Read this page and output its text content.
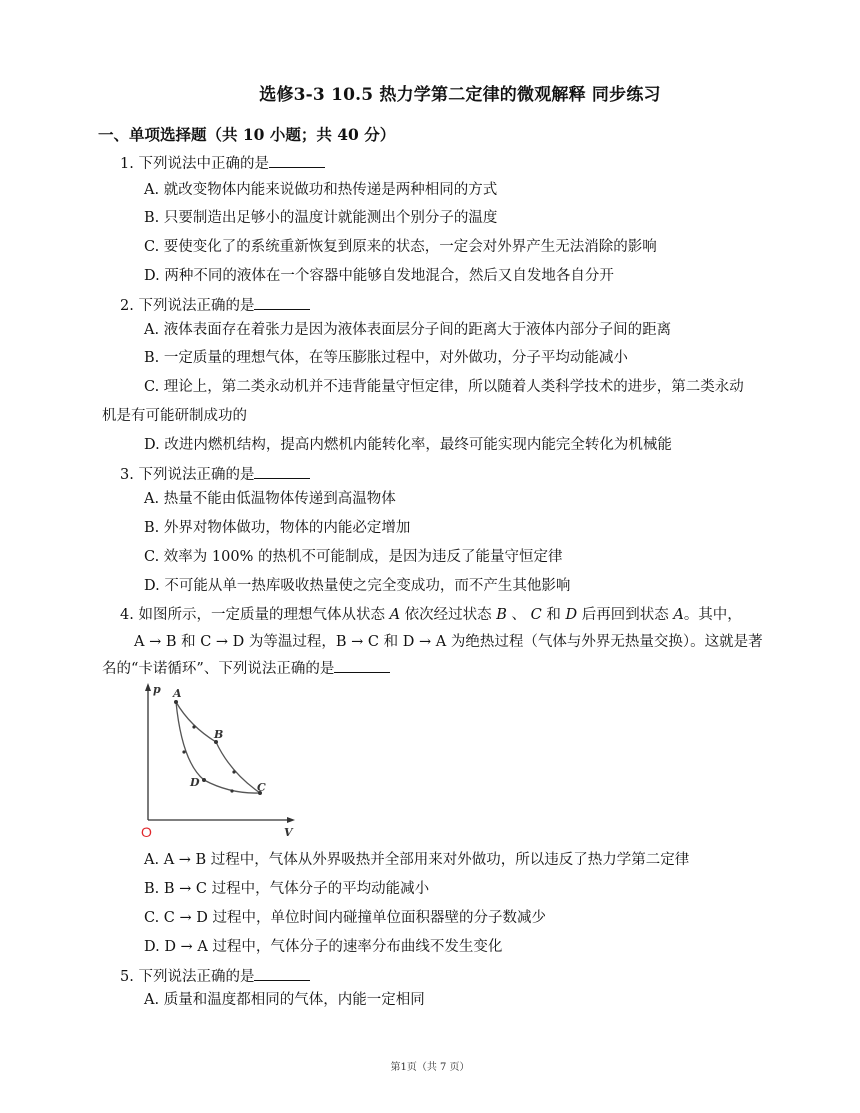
选修3-3 10.5 热力学第二定律的微观解释 同步练习
一、单项选择题（共 10 小题；共 40 分）
1. 下列说法中正确的是
A. 就改变物体内能来说做功和热传递是两种相同的方式
B. 只要制造出足够小的温度计就能测出个别分子的温度
C. 要使变化了的系统重新恢复到原来的状态，一定会对外界产生无法消除的影响
D. 两种不同的液体在一个容器中能够自发地混合，然后又自发地各自分开
2. 下列说法正确的是
A. 液体表面存在着张力是因为液体表面层分子间的距离大于液体内部分子间的距离
B. 一定质量的理想气体，在等压膨胀过程中，对外做功，分子平均动能减小
C. 理论上，第二类永动机并不违背能量守恒定律，所以随着人类科学技术的进步，第二类永动
机是有可能研制成功的
D. 改进内燃机结构，提高内燃机内能转化率，最终可能实现内能完全转化为机械能
3. 下列说法正确的是
A. 热量不能由低温物体传递到高温物体
B. 外界对物体做功，物体的内能必定增加
C. 效率为 100% 的热机不可能制成，是因为违反了能量守恒定律
D. 不可能从单一热库吸收热量使之完全变成功，而不产生其他影响
4. 如图所示，一定质量的理想气体从状态 A 依次经过状态 B 、 C 和 D 后再回到状态 A。其中，
A → B 和 C → D 为等温过程，B → C 和 D → A 为绝热过程（气体与外界无热量交换）。这就是著
名的“卡诺循环”、下列说法正确的是
p
V
O
A
B
C
D
A. A → B 过程中，气体从外界吸热并全部用来对外做功，所以违反了热力学第二定律
B. B → C 过程中，气体分子的平均动能减小
C. C → D 过程中，单位时间内碰撞单位面积器壁的分子数减少
D. D → A 过程中，气体分子的速率分布曲线不发生变化
5. 下列说法正确的是
A. 质量和温度都相同的气体，内能一定相同
第1页（共 7 页）
